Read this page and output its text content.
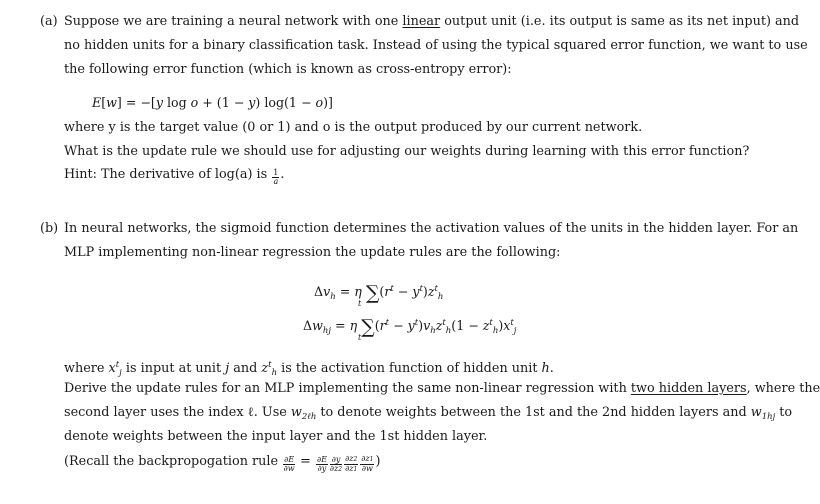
(a) Suppose we are training a neural network with one linear output unit (i.e. its output is same as its net input) and
no hidden units for a binary classification task. Instead of using the typical squared error function, we want to use
the following error function (which is known as cross-entropy error):
E[w] = −[y log o + (1 − y) log(1 − o)]
where y is the target value (0 or 1) and o is the output produced by our current network.
What is the update rule we should use for adjusting our weights during learning with this error function?
Hint: The derivative of log(a) is $\frac{1}{a}$ .
(b) In neural networks, the sigmoid function determines the activation values of the units in the hidden layer. For an
MLP implementing non-linear regression the update rules are the following:
$\Delta v_h = \eta$ $\sum(r^t - y^t)z^t_h$
t
$\Delta w_{hj} = \eta$ $\sum(r^t - y^t)v_hz^t_h(1 - z^t_h)x^t_j$
t
where $x^t_j$ is input at unit j and $z^t_h$ is the activation function of hidden unit h.
Derive the update rules for an MLP implementing the same non-linear regression with two hidden layers, where the
second layer uses the index ℓ. Use $w_{2\ell h}$ to denote weights between the 1st and the 2nd hidden layers and $w_{1hj}$ to
denote weights between the input layer and the 1st hidden layer.
(Recall the backpropogation rule $\frac{\partial E}{\partial w} = \frac{\partial E}{\partial y} \frac{\partial y}{\partial z2} \frac{\partial z2}{\partial z1} \frac{\partial z1}{\partial w}$ )
